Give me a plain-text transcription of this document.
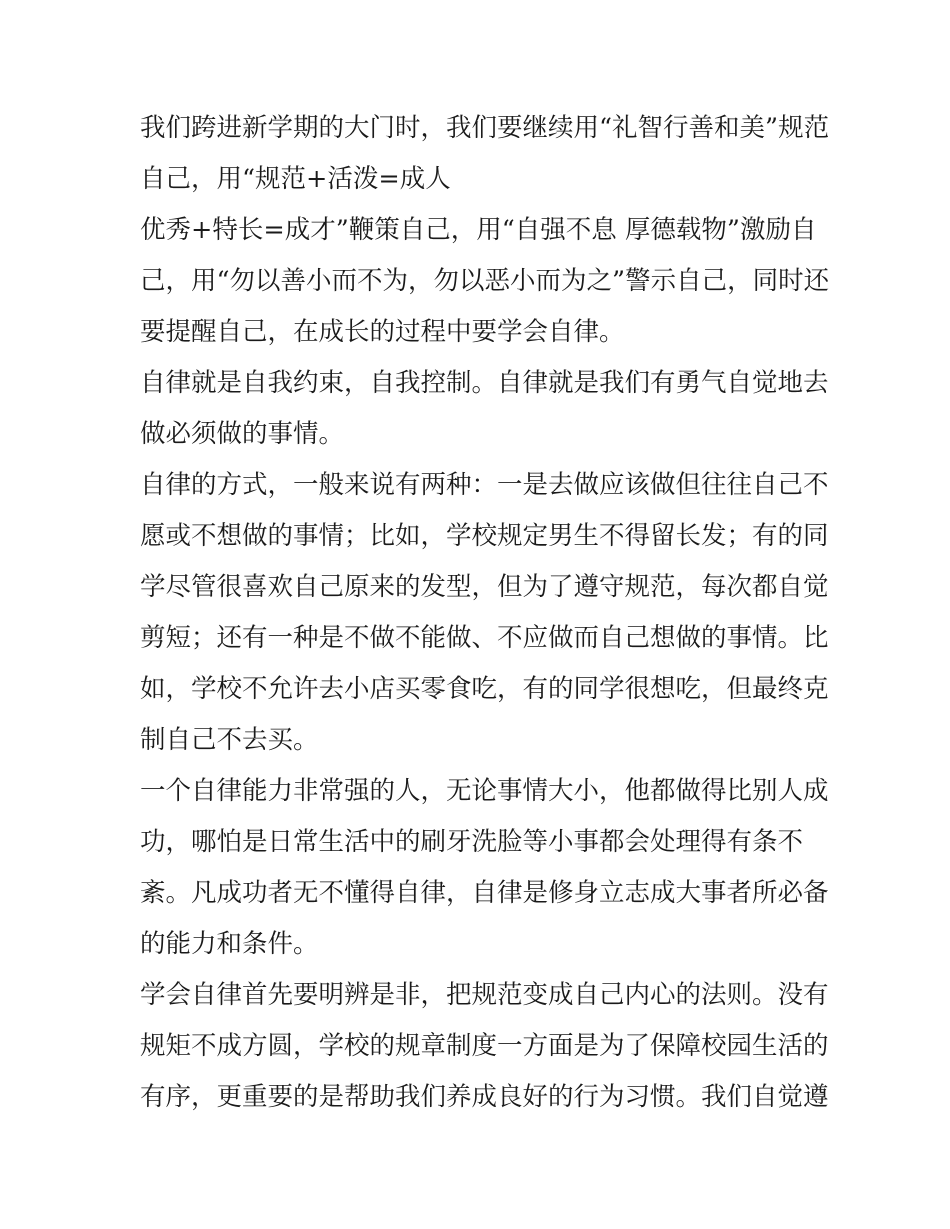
我们跨进新学期的大门时，我们要继续用“礼智行善和美”规范
自己，用“规范+活泼=成人
优秀+特长=成才”鞭策自己，用“自强不息 厚德载物”激励自
己，用“勿以善小而不为，勿以恶小而为之”警示自己，同时还
要提醒自己，在成长的过程中要学会自律。
自律就是自我约束，自我控制。自律就是我们有勇气自觉地去
做必须做的事情。
自律的方式，一般来说有两种：一是去做应该做但往往自己不
愿或不想做的事情；比如，学校规定男生不得留长发；有的同
学尽管很喜欢自己原来的发型，但为了遵守规范，每次都自觉
剪短；还有一种是不做不能做、不应做而自己想做的事情。比
如，学校不允许去小店买零食吃，有的同学很想吃，但最终克
制自己不去买。
一个自律能力非常强的人，无论事情大小，他都做得比别人成
功，哪怕是日常生活中的刷牙洗脸等小事都会处理得有条不
紊。凡成功者无不懂得自律，自律是修身立志成大事者所必备
的能力和条件。
学会自律首先要明辨是非，把规范变成自己内心的法则。没有
规矩不成方圆，学校的规章制度一方面是为了保障校园生活的
有序，更重要的是帮助我们养成良好的行为习惯。我们自觉遵
